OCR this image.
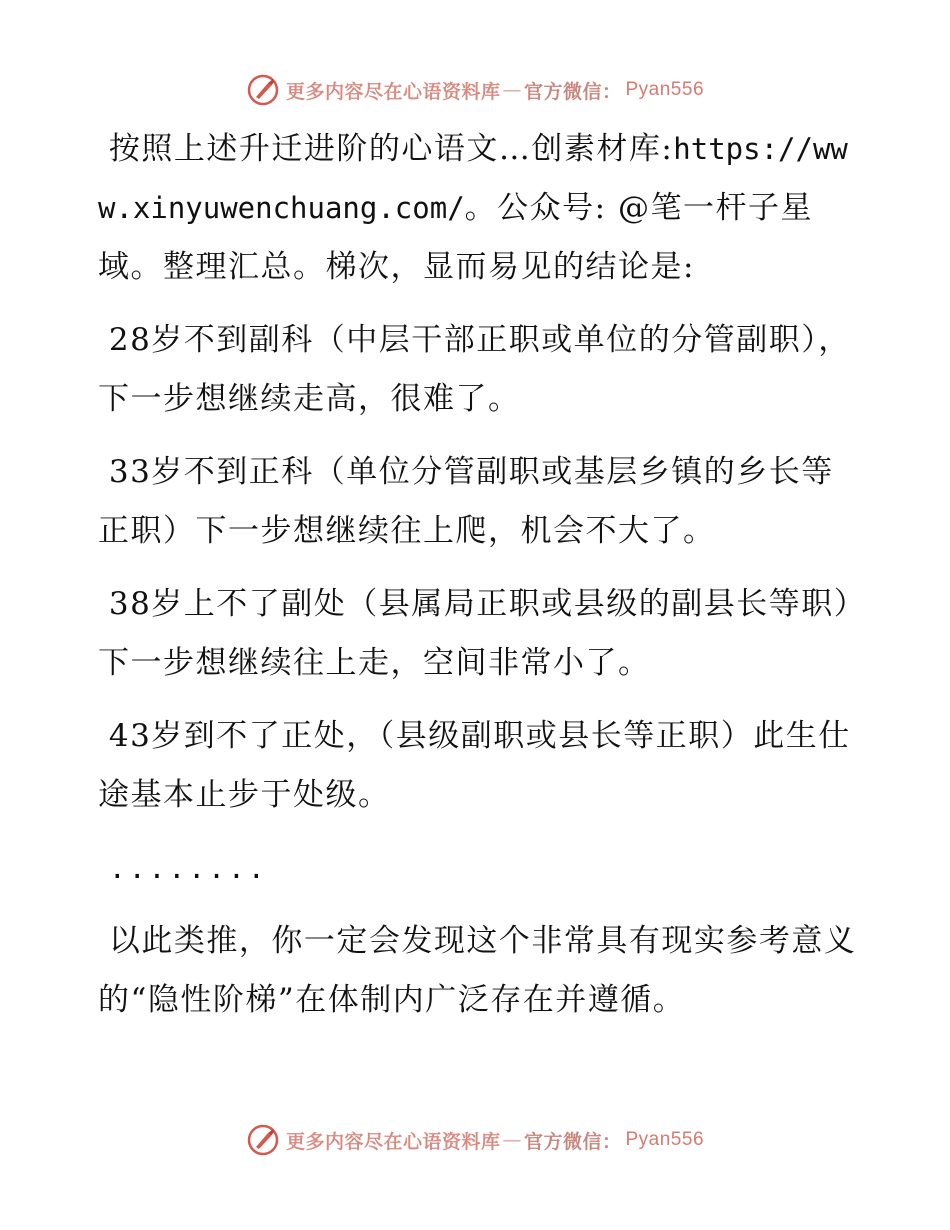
更多内容尽在心语资料库 — 官方微信： Pyan556

按照上述升迁进阶的心语文…创素材库:https://www.xinyuwenchuang.com/。公众号: @笔一杆子星域。整理汇总。梯次，显而易见的结论是:

28岁不到副科（中层干部正职或单位的分管副职），下一步想继续走高，很难了。

33岁不到正科（单位分管副职或基层乡镇的乡长等正职）下一步想继续往上爬，机会不大了。

38岁上不了副处（县属局正职或县级的副县长等职）下一步想继续往上走，空间非常小了。

43岁到不了正处，（县级副职或县长等正职）此生仕途基本止步于处级。

........

以此类推，你一定会发现这个非常具有现实参考意义的“隐性阶梯”在体制内广泛存在并遵循。

更多内容尽在心语资料库 — 官方微信： Pyan556
